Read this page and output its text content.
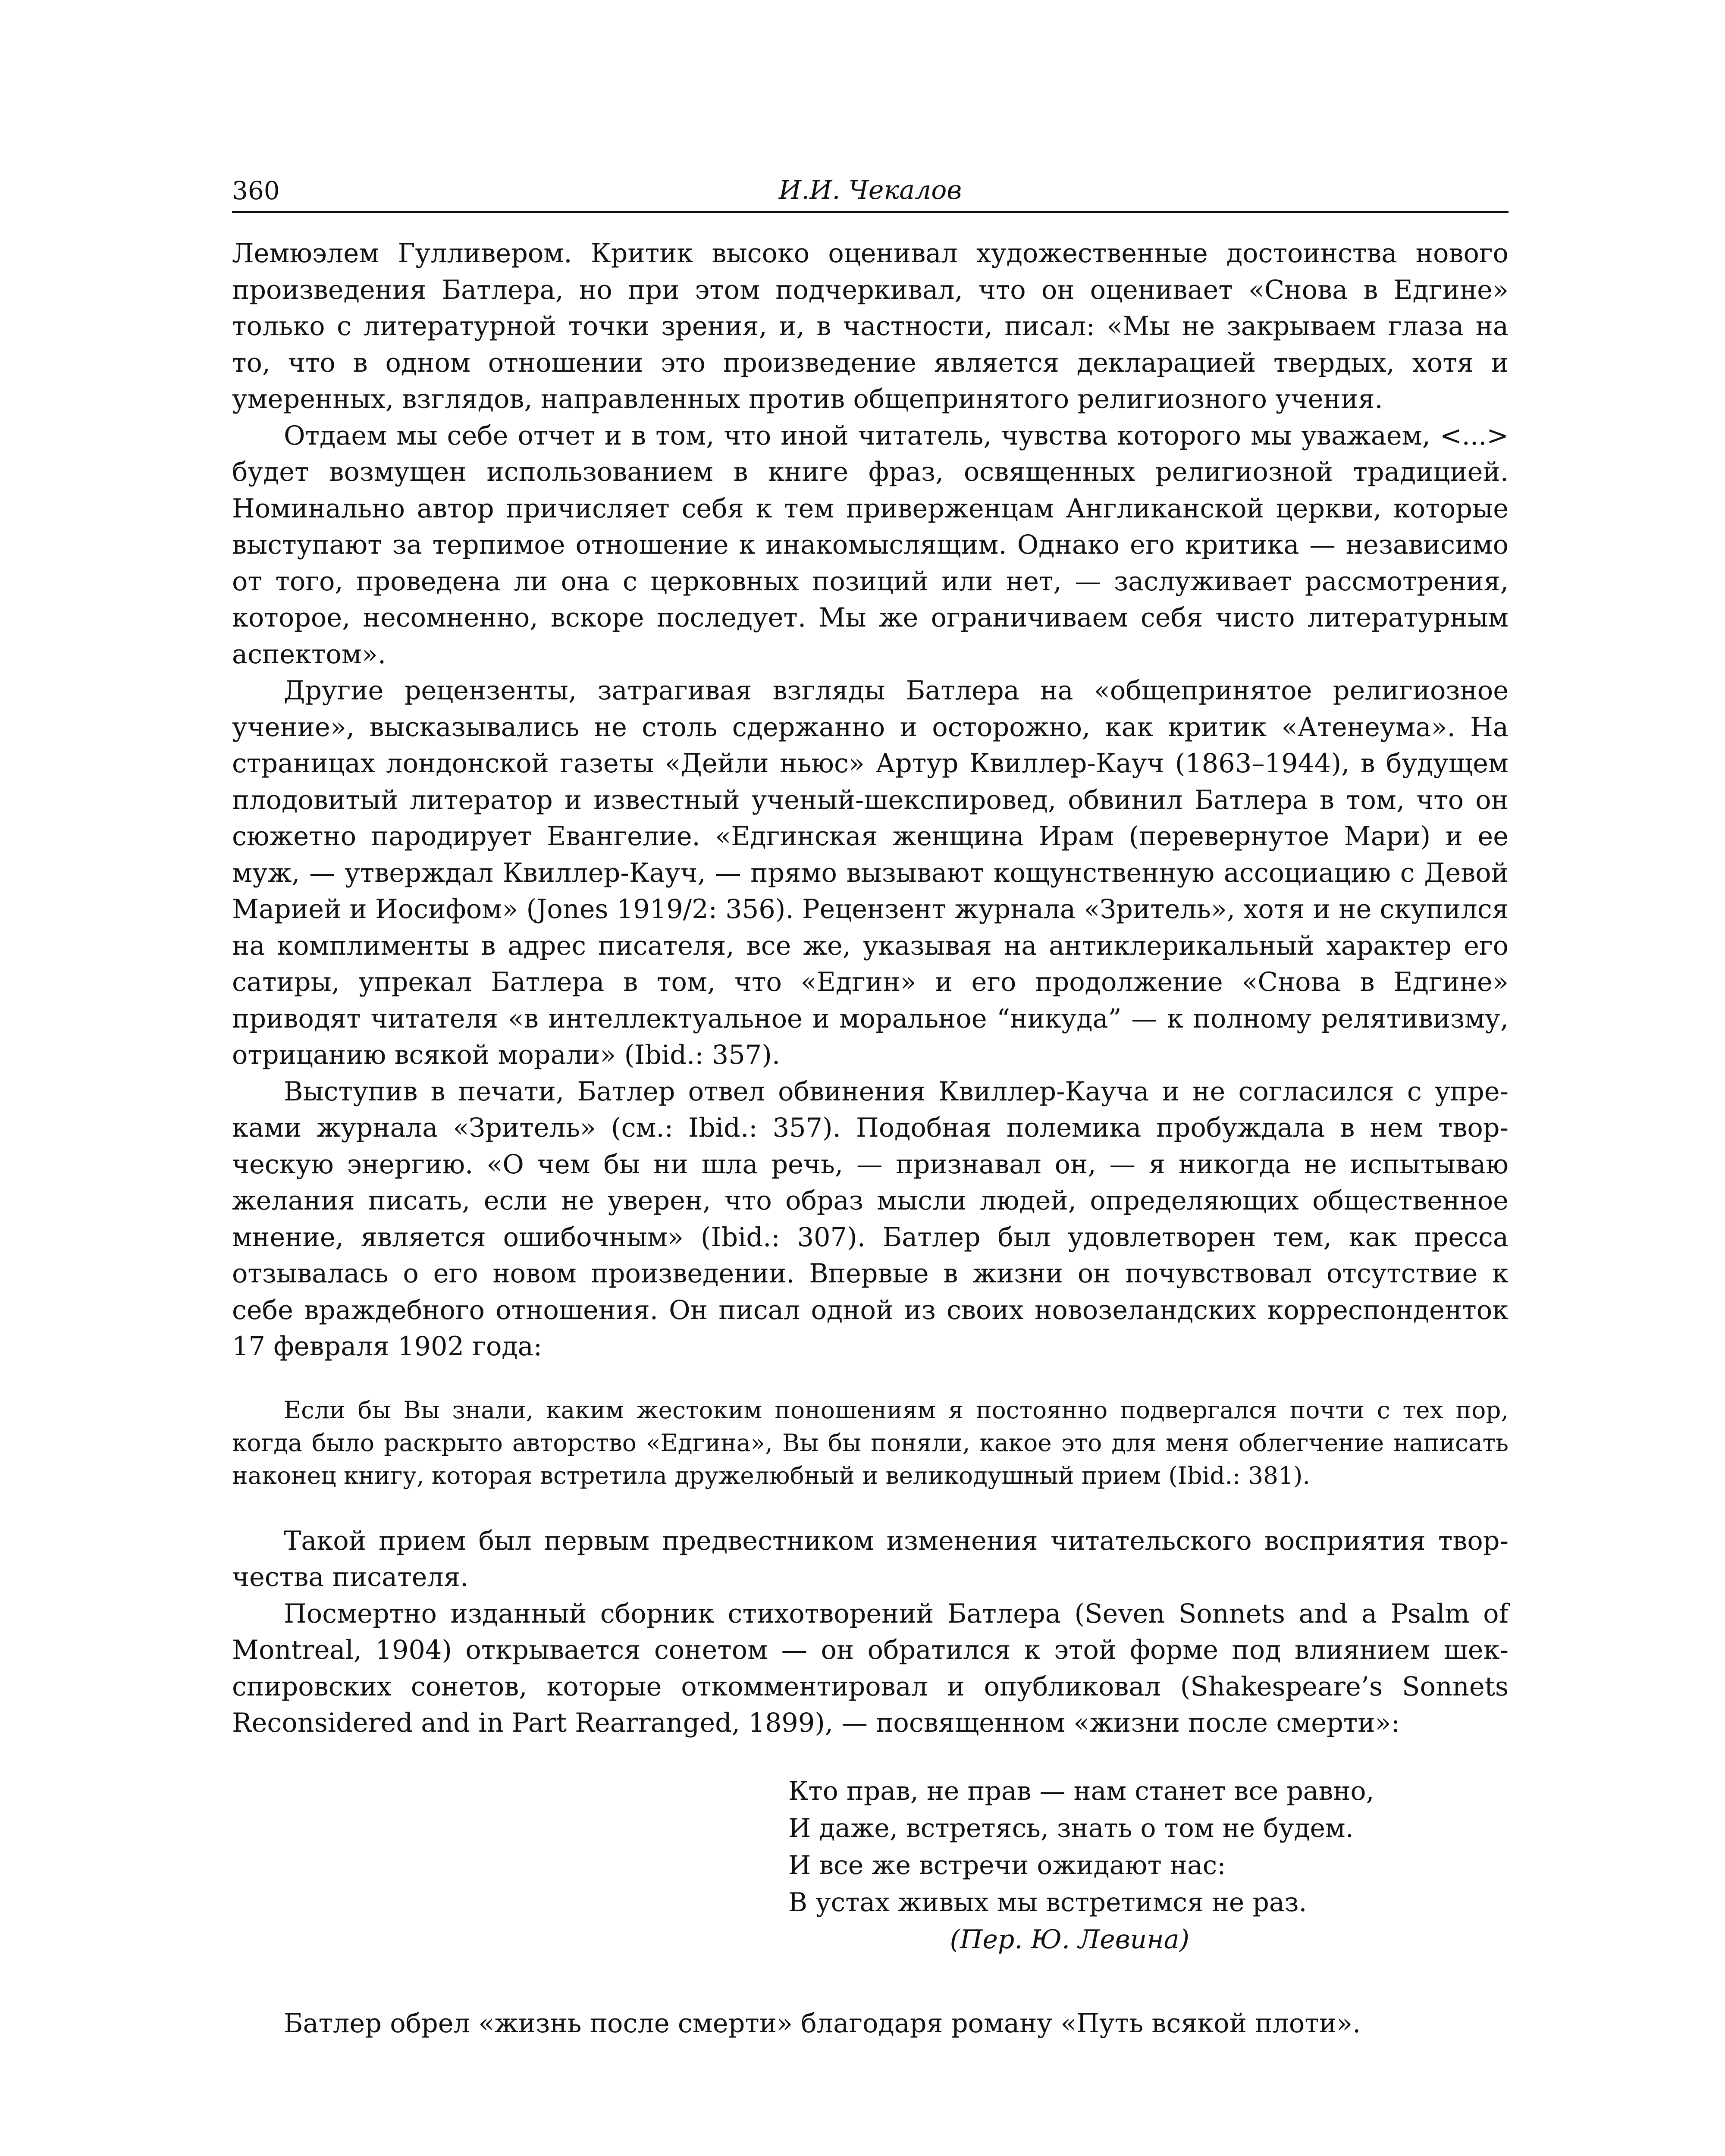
360	И.И. Чекалов

Лемюэлем Гулливером. Критик высоко оценивал художественные достоинства нового произведения Батлера, но при этом подчеркивал, что он оценивает «Снова в Едгине» только с литературной точки зрения, и, в частности, писал: «Мы не закрываем глаза на то, что в одном отношении это произведение является декларацией твердых, хотя и умеренных, взглядов, направленных против общепринятого религиозного учения.

Отдаем мы себе отчет и в том, что иной читатель, чувства которого мы уважаем, <...> будет возмущен использованием в книге фраз, освященных религиозной традицией. Номинально автор причисляет себя к тем приверженцам Англиканской церкви, которые выступают за терпимое отношение к инакомыслящим. Однако его критика — независимо от того, проведена ли она с церковных позиций или нет, — заслуживает рассмотрения, которое, несомненно, вскоре последует. Мы же ограничиваем себя чисто литературным аспектом».

Другие рецензенты, затрагивая взгляды Батлера на «общепринятое религиозное учение», высказывались не столь сдержанно и осторожно, как критик «Атенеума». На страницах лондонской газеты «Дейли ньюс» Артур Квиллер-Кауч (1863–1944), в будущем плодовитый литератор и известный ученый-шекспировед, обвинил Батлера в том, что он сюжетно пародирует Евангелие. «Едгинская женщина Ирам (перевернутое Мари) и ее муж, — утверждал Квиллер-Кауч, — прямо вызывают кощунственную ассоциацию с Девой Марией и Иосифом» (Jones 1919/2: 356). Рецензент журнала «Зритель», хотя и не скупился на комплименты в адрес писателя, все же, указывая на антиклерикальный характер его сатиры, упрекал Батлера в том, что «Едгин» и его продолжение «Снова в Едгине» приводят читателя «в интеллектуальное и моральное “никуда” — к полному релятивизму, отрицанию всякой морали» (Ibid.: 357).

Выступив в печати, Батлер отвел обвинения Квиллер-Кауча и не согласился с упреками журнала «Зритель» (см.: Ibid.: 357). Подобная полемика пробуждала в нем творческую энергию. «О чем бы ни шла речь, — признавал он, — я никогда не испытываю желания писать, если не уверен, что образ мысли людей, определяющих общественное мнение, является ошибочным» (Ibid.: 307). Батлер был удовлетворен тем, как пресса отзывалась о его новом произведении. Впервые в жизни он почувствовал отсутствие к себе враждебного отношения. Он писал одной из своих новозеландских корреспонденток 17 февраля 1902 года:

Если бы Вы знали, каким жестоким поношениям я постоянно подвергался почти с тех пор, когда было раскрыто авторство «Едгина», Вы бы поняли, какое это для меня облегчение написать наконец книгу, которая встретила дружелюбный и великодушный прием (Ibid.: 381).

Такой прием был первым предвестником изменения читательского восприятия творчества писателя.

Посмертно изданный сборник стихотворений Батлера (Seven Sonnets and a Psalm of Montreal, 1904) открывается сонетом — он обратился к этой форме под влиянием шекспировских сонетов, которые откомментировал и опубликовал (Shakespeare’s Sonnets Reconsidered and in Part Rearranged, 1899), — посвященном «жизни после смерти»:

Кто прав, не прав — нам станет все равно,
И даже, встретясь, знать о том не будем.
И все же встречи ожидают нас:
В устах живых мы встретимся не раз.
(Пер. Ю. Левина)

Батлер обрел «жизнь после смерти» благодаря роману «Путь всякой плоти».
